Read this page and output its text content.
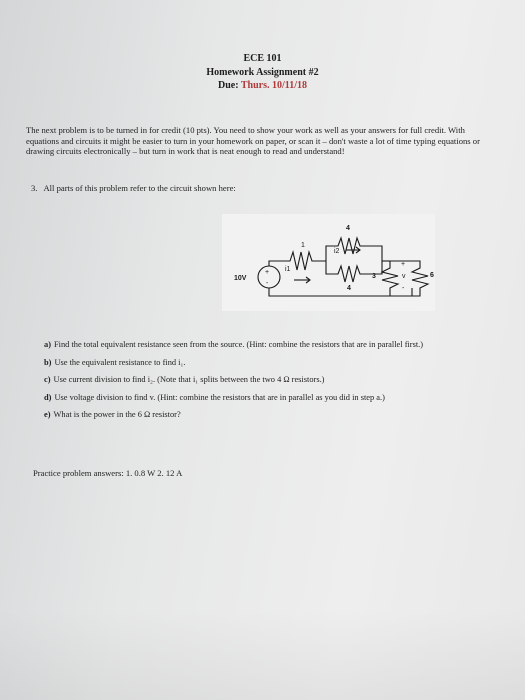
ECE 101
Homework Assignment #2
Due: Thurs. 10/11/18
The next problem is to be turned in for credit (10 pts). You need to show your work as well as your answers for full credit. With equations and circuits it might be easier to turn in your homework on paper, or scan it – don't waste a lot of time typing equations or drawing circuits electronically – but turn in work that is neat enough to read and understand!
3. All parts of this problem refer to the circuit shown here:
10V
+
-
1
4
4
3	6
i1
i2
v
+
-
a) Find the total equivalent resistance seen from the source. (Hint: combine the resistors that are in parallel first.)
b) Use the equivalent resistance to find i₁.
c) Use current division to find i₂. (Note that i₁ splits between the two 4 Ω resistors.)
d) Use voltage division to find v. (Hint: combine the resistors that are in parallel as you did in step a.)
e) What is the power in the 6 Ω resistor?
Practice problem answers: 1. 0.8 W 2. 12 A
